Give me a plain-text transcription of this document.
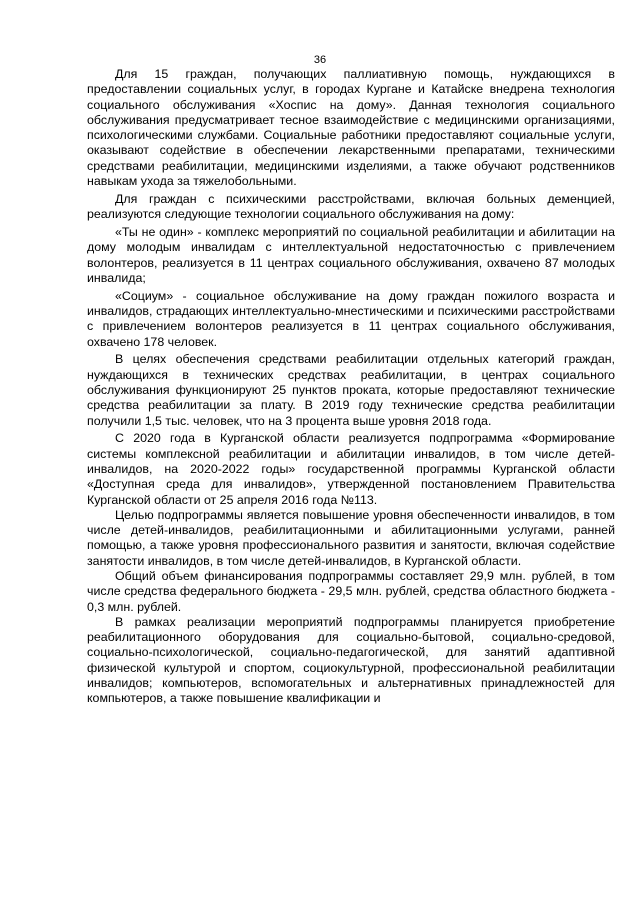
36

Для 15 граждан, получающих паллиативную помощь, нуждающихся в предоставлении социальных услуг, в городах Кургане и Катайске внедрена технология социального обслуживания «Хоспис на дому». Данная технология социального обслуживания предусматривает тесное взаимодействие с медицинскими организациями, психологическими службами. Социальные работники предоставляют социальные услуги, оказывают содействие в обеспечении лекарственными препаратами, техническими средствами реабилитации, медицинскими изделиями, а также обучают родственников навыкам ухода за тяжелобольными.

Для граждан с психическими расстройствами, включая больных деменцией, реализуются следующие технологии социального обслуживания на дому:

«Ты не один» - комплекс мероприятий по социальной реабилитации и абилитации на дому молодым инвалидам с интеллектуальной недостаточностью с привлечением волонтеров, реализуется в 11 центрах социального обслуживания, охвачено 87 молодых инвалида;

«Социум» - социальное обслуживание на дому граждан пожилого возраста и инвалидов, страдающих интеллектуально-мнестическими и психическими расстройствами с привлечением волонтеров реализуется в 11 центрах социального обслуживания, охвачено 178 человек.

В целях обеспечения средствами реабилитации отдельных категорий граждан, нуждающихся в технических средствах реабилитации, в центрах социального обслуживания функционируют 25 пунктов проката, которые предоставляют технические средства реабилитации за плату. В 2019 году технические средства реабилитации получили 1,5 тыс. человек, что на 3 процента выше уровня 2018 года.

С 2020 года в Курганской области реализуется подпрограмма «Формирование системы комплексной реабилитации и абилитации инвалидов, в том числе детей-инвалидов, на 2020-2022 годы» государственной программы Курганской области «Доступная среда для инвалидов», утвержденной постановлением Правительства Курганской области от 25 апреля 2016 года №113.

Целью подпрограммы является повышение уровня обеспеченности инвалидов, в том числе детей-инвалидов, реабилитационными и абилитационными услугами, ранней помощью, а также уровня профессионального развития и занятости, включая содействие занятости инвалидов, в том числе детей-инвалидов, в Курганской области.

Общий объем финансирования подпрограммы составляет 29,9 млн. рублей, в том числе средства федерального бюджета - 29,5 млн. рублей, средства областного бюджета - 0,3 млн. рублей.

В рамках реализации мероприятий подпрограммы планируется приобретение реабилитационного оборудования для социально-бытовой, социально-средовой, социально-психологической, социально-педагогической, для занятий адаптивной физической культурой и спортом, социокультурной, профессиональной реабилитации инвалидов; компьютеров, вспомогательных и альтернативных принадлежностей для компьютеров, а также повышение квалификации и
